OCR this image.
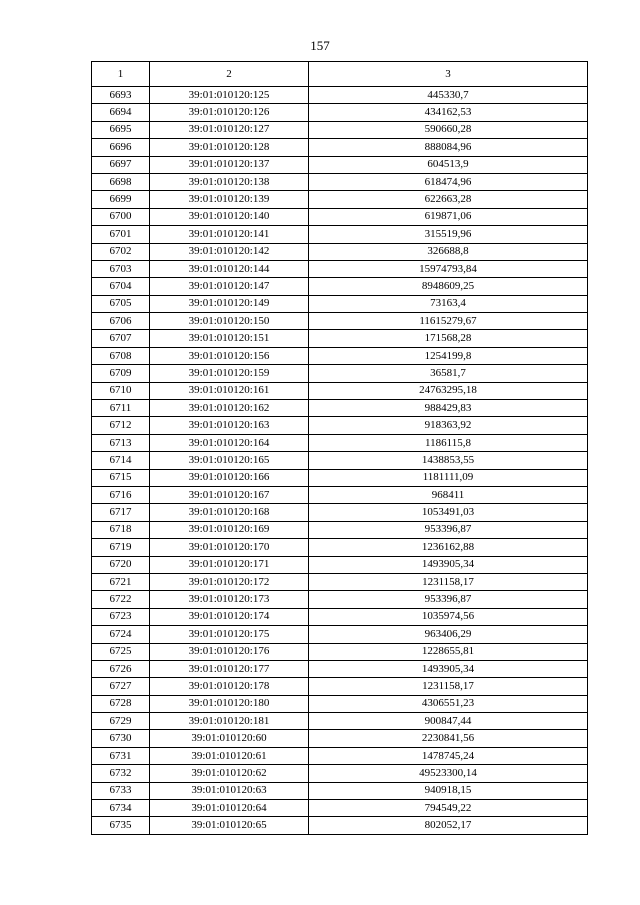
157
1	2	3
6693	39:01:010120:125	445330,7
6694	39:01:010120:126	434162,53
6695	39:01:010120:127	590660,28
6696	39:01:010120:128	888084,96
6697	39:01:010120:137	604513,9
6698	39:01:010120:138	618474,96
6699	39:01:010120:139	622663,28
6700	39:01:010120:140	619871,06
6701	39:01:010120:141	315519,96
6702	39:01:010120:142	326688,8
6703	39:01:010120:144	15974793,84
6704	39:01:010120:147	8948609,25
6705	39:01:010120:149	73163,4
6706	39:01:010120:150	11615279,67
6707	39:01:010120:151	171568,28
6708	39:01:010120:156	1254199,8
6709	39:01:010120:159	36581,7
6710	39:01:010120:161	24763295,18
6711	39:01:010120:162	988429,83
6712	39:01:010120:163	918363,92
6713	39:01:010120:164	1186115,8
6714	39:01:010120:165	1438853,55
6715	39:01:010120:166	1181111,09
6716	39:01:010120:167	968411
6717	39:01:010120:168	1053491,03
6718	39:01:010120:169	953396,87
6719	39:01:010120:170	1236162,88
6720	39:01:010120:171	1493905,34
6721	39:01:010120:172	1231158,17
6722	39:01:010120:173	953396,87
6723	39:01:010120:174	1035974,56
6724	39:01:010120:175	963406,29
6725	39:01:010120:176	1228655,81
6726	39:01:010120:177	1493905,34
6727	39:01:010120:178	1231158,17
6728	39:01:010120:180	4306551,23
6729	39:01:010120:181	900847,44
6730	39:01:010120:60	2230841,56
6731	39:01:010120:61	1478745,24
6732	39:01:010120:62	49523300,14
6733	39:01:010120:63	940918,15
6734	39:01:010120:64	794549,22
6735	39:01:010120:65	802052,17
